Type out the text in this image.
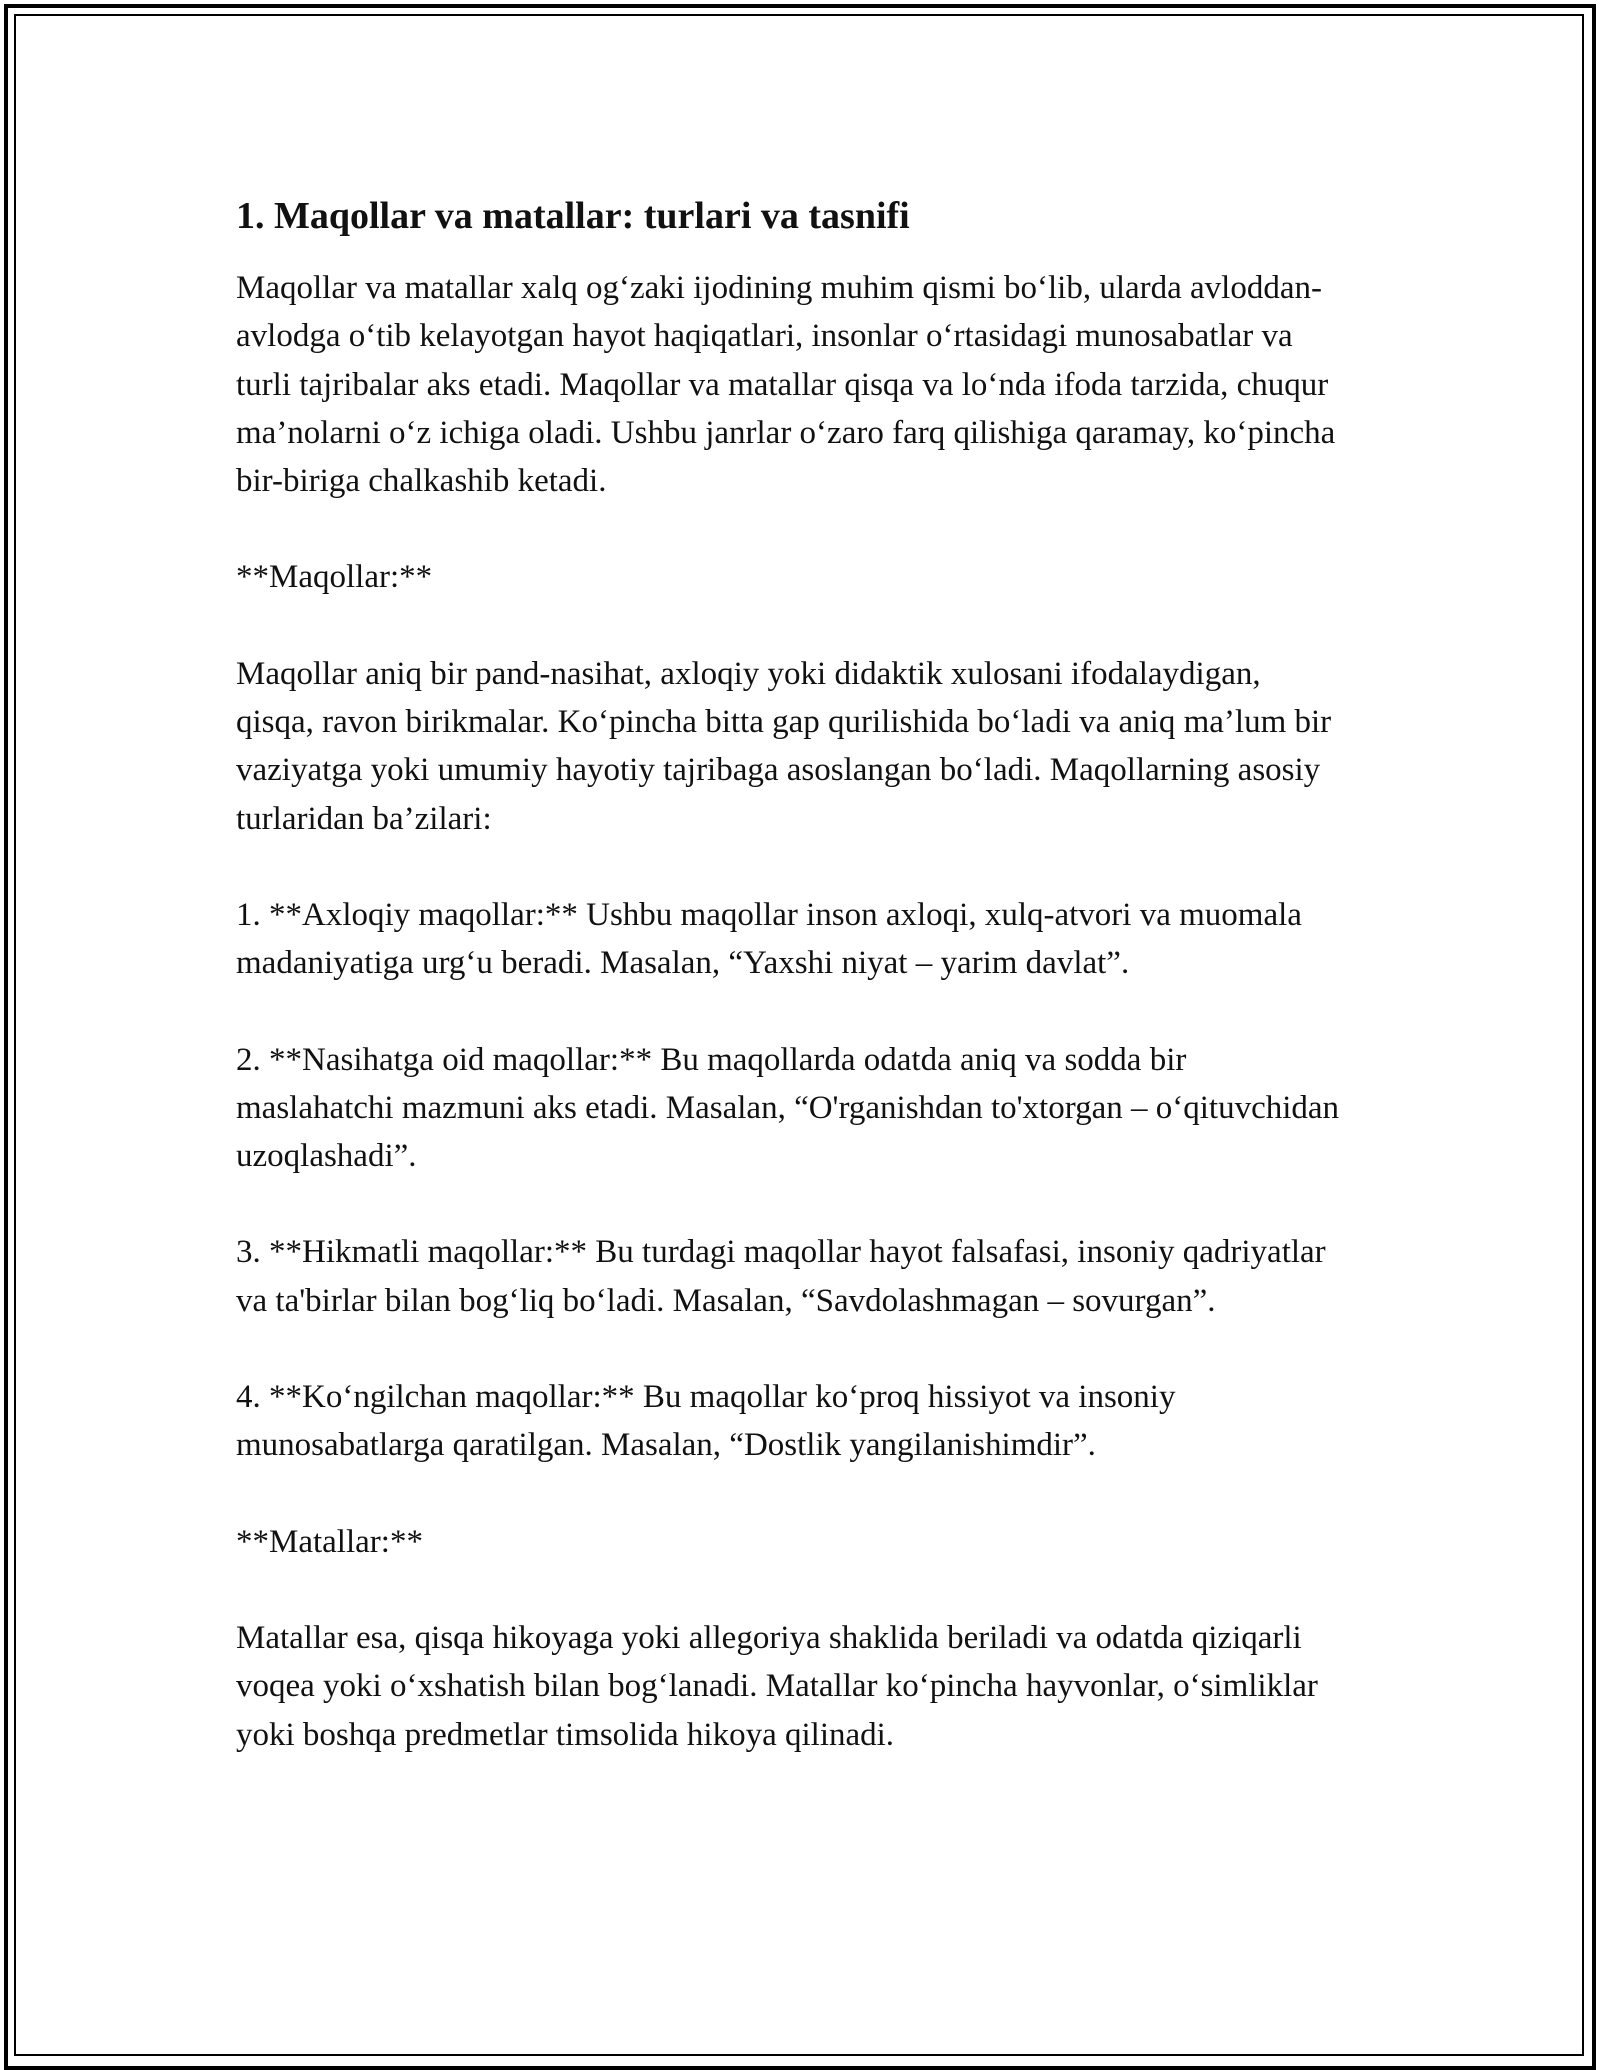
1. Maqollar va matallar: turlari va tasnifi

Maqollar va matallar xalq og‘zaki ijodining muhim qismi bo‘lib, ularda avloddan-avlodga o‘tib kelayotgan hayot haqiqatlari, insonlar o‘rtasidagi munosabatlar va turli tajribalar aks etadi. Maqollar va matallar qisqa va lo‘nda ifoda tarzida, chuqur ma’nolarni o‘z ichiga oladi. Ushbu janrlar o‘zaro farq qilishiga qaramay, ko‘pincha bir-biriga chalkashib ketadi.

**Maqollar:**

Maqollar aniq bir pand-nasihat, axloqiy yoki didaktik xulosani ifodalaydigan, qisqa, ravon birikmalar. Ko‘pincha bitta gap qurilishida bo‘ladi va aniq ma’lum bir vaziyatga yoki umumiy hayotiy tajribaga asoslangan bo‘ladi. Maqollarning asosiy turlaridan ba’zilari:

1. **Axloqiy maqollar:** Ushbu maqollar inson axloqi, xulq-atvori va muomala madaniyatiga urg‘u beradi. Masalan, “Yaxshi niyat – yarim davlat”.

2. **Nasihatga oid maqollar:** Bu maqollarda odatda aniq va sodda bir maslahatchi mazmuni aks etadi. Masalan, “O'rganishdan to'xtorgan – o‘qituvchidan uzoqlashadi”.

3. **Hikmatli maqollar:** Bu turdagi maqollar hayot falsafasi, insoniy qadriyatlar va ta'birlar bilan bog‘liq bo‘ladi. Masalan, “Savdolashmagan – sovurgan”.

4. **Ko‘ngilchan maqollar:** Bu maqollar ko‘proq hissiyot va insoniy munosabatlarga qaratilgan. Masalan, “Dostlik yangilanishimdir”.

**Matallar:**

Matallar esa, qisqa hikoyaga yoki allegoriya shaklida beriladi va odatda qiziqarli voqea yoki o‘xshatish bilan bog‘lanadi. Matallar ko‘pincha hayvonlar, o‘simliklar yoki boshqa predmetlar timsolida hikoya qilinadi.
